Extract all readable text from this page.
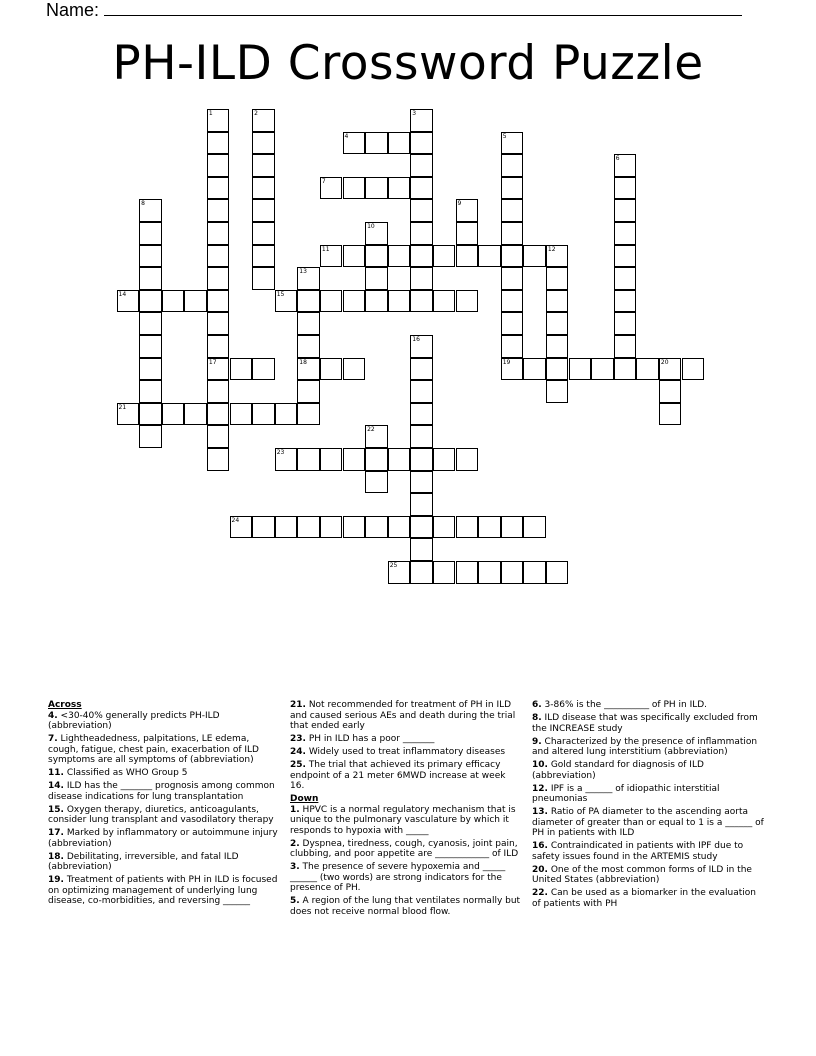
Name:
PH-ILD Crossword Puzzle
1
17
2	3
4	5
19
6
7
8	9
10
11	12
13
18
14	15
16
20
21
22
23
24
25
Across
4. <30-40% generally predicts PH-ILD (abbreviation)
7. Lightheadedness, palpitations, LE edema, cough, fatigue, chest pain, exacerbation of ILD symptoms are all symptoms of (abbreviation)
11. Classified as WHO Group 5
14. ILD has the _______ prognosis among common disease indications for lung transplantation
15. Oxygen therapy, diuretics, anticoagulants, consider lung transplant and vasodilatory therapy
17. Marked by inflammatory or autoimmune injury (abbreviation)
18. Debilitating, irreversible, and fatal ILD (abbreviation)
19. Treatment of patients with PH in ILD is focused on optimizing management of underlying lung disease, co-morbidities, and reversing ______
21. Not recommended for treatment of PH in ILD and caused serious AEs and death during the trial that ended early
23. PH in ILD has a poor _______
24. Widely used to treat inflammatory diseases
25. The trial that achieved its primary efficacy endpoint of a 21 meter 6MWD increase at week 16.
Down
1. HPVC is a normal regulatory mechanism that is unique to the pulmonary vasculature by which it responds to hypoxia with _____
2. Dyspnea, tiredness, cough, cyanosis, joint pain, clubbing, and poor appetite are ____________ of ILD
3. The presence of severe hypoxemia and _____ ______ (two words) are strong indicators for the presence of PH.
5. A region of the lung that ventilates normally but does not receive normal blood flow.
6. 3-86% is the __________ of PH in ILD.
8. ILD disease that was specifically excluded from the INCREASE study
9. Characterized by the presence of inflammation and altered lung interstitium (abbreviation)
10. Gold standard for diagnosis of ILD (abbreviation)
12. IPF is a ______ of idiopathic interstitial pneumonias
13. Ratio of PA diameter to the ascending aorta diameter of greater than or equal to 1 is a ______ of PH in patients with ILD
16. Contraindicated in patients with IPF due to safety issues found in the ARTEMIS study
20. One of the most common forms of ILD in the United States (abbreviation)
22. Can be used as a biomarker in the evaluation of patients with PH
